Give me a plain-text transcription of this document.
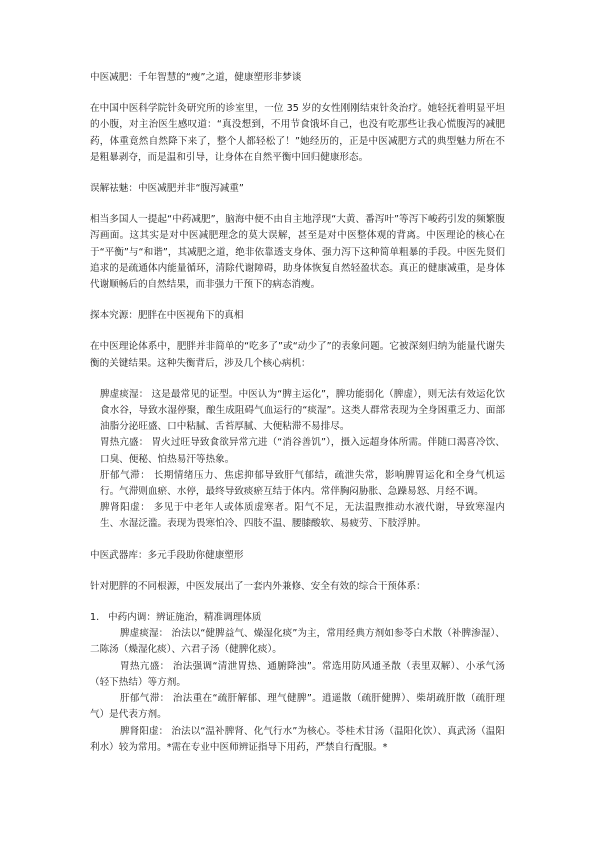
中医减肥：千年智慧的“瘦”之道，健康塑形非梦谈

在中国中医科学院针灸研究所的诊室里，一位 35 岁的女性刚刚结束针灸治疗。她轻抚着明显平坦的小腹，对主治医生感叹道：“真没想到，不用节食饿坏自己，也没有吃那些让我心慌腹泻的减肥药，体重竟然自然降下来了，整个人都轻松了！”她经历的，正是中医减肥方式的典型魅力所在不是粗暴剥夺，而是温和引导，让身体在自然平衡中回归健康形态。

误解祛魅：中医减肥并非“腹泻减重”

相当多国人一提起“中药减肥”，脑海中便不由自主地浮现“大黄、番泻叶”等泻下峻药引发的频繁腹泻画面。这其实是对中医减肥理念的莫大误解，甚至是对中医整体观的背离。中医理论的核心在于“平衡”与“和谐”，其减肥之道，绝非依靠透支身体、强力泻下这种简单粗暴的手段。中医先贤们追求的是疏通体内能量循环，清除代谢障碍，助身体恢复自然轻盈状态。真正的健康减重，是身体代谢顺畅后的自然结果，而非强力干预下的病态消瘦。

探本究源：肥胖在中医视角下的真相

在中医理论体系中，肥胖并非简单的“吃多了”或“动少了”的表象问题。它被深刻归纳为能量代谢失衡的关键结果。这种失衡背后，涉及几个核心病机：

脾虚痰湿： 这是最常见的证型。中医认为“脾主运化”，脾功能弱化（脾虚），则无法有效运化饮食水谷，导致水湿停聚，酿生成阻碍气血运行的“痰湿”。这类人群常表现为全身困重乏力、面部油脂分泌旺盛、口中粘腻、舌苔厚腻、大便粘滞不易排尽。

胃热亢盛： 胃火过旺导致食欲异常亢进（“消谷善饥”），摄入远超身体所需。伴随口渴喜冷饮、口臭、便秘、怕热易汗等热象。

肝郁气滞： 长期情绪压力、焦虑抑郁导致肝气郁结，疏泄失常，影响脾胃运化和全身气机运行。气滞则血瘀、水停，最终导致痰瘀互结于体内。常伴胸闷胁胀、急躁易怒、月经不调。

脾肾阳虚： 多见于中老年人或体质虚寒者。阳气不足，无法温煦推动水液代谢，导致寒湿内生、水湿泛滥。表现为畏寒怕冷、四肢不温、腰膝酸软、易疲劳、下肢浮肿。

中医武器库：多元手段助你健康塑形

针对肥胖的不同根源，中医发展出了一套内外兼修、安全有效的综合干预体系：

1. 中药内调：辨证施治，精准调理体质

脾虚痰湿： 治法以“健脾益气、燥湿化痰”为主，常用经典方剂如参苓白术散（补脾渗湿）、二陈汤（燥湿化痰）、六君子汤（健脾化痰）。

胃热亢盛： 治法强调“清泄胃热、通腑降浊”。常选用防风通圣散（表里双解）、小承气汤（轻下热结）等方剂。

肝郁气滞： 治法重在“疏肝解郁、理气健脾”。逍遥散（疏肝健脾）、柴胡疏肝散（疏肝理气）是代表方剂。

脾肾阳虚： 治法以“温补脾肾、化气行水”为核心。苓桂术甘汤（温阳化饮）、真武汤（温阳利水）较为常用。*需在专业中医师辨证指导下用药，严禁自行配服。*
